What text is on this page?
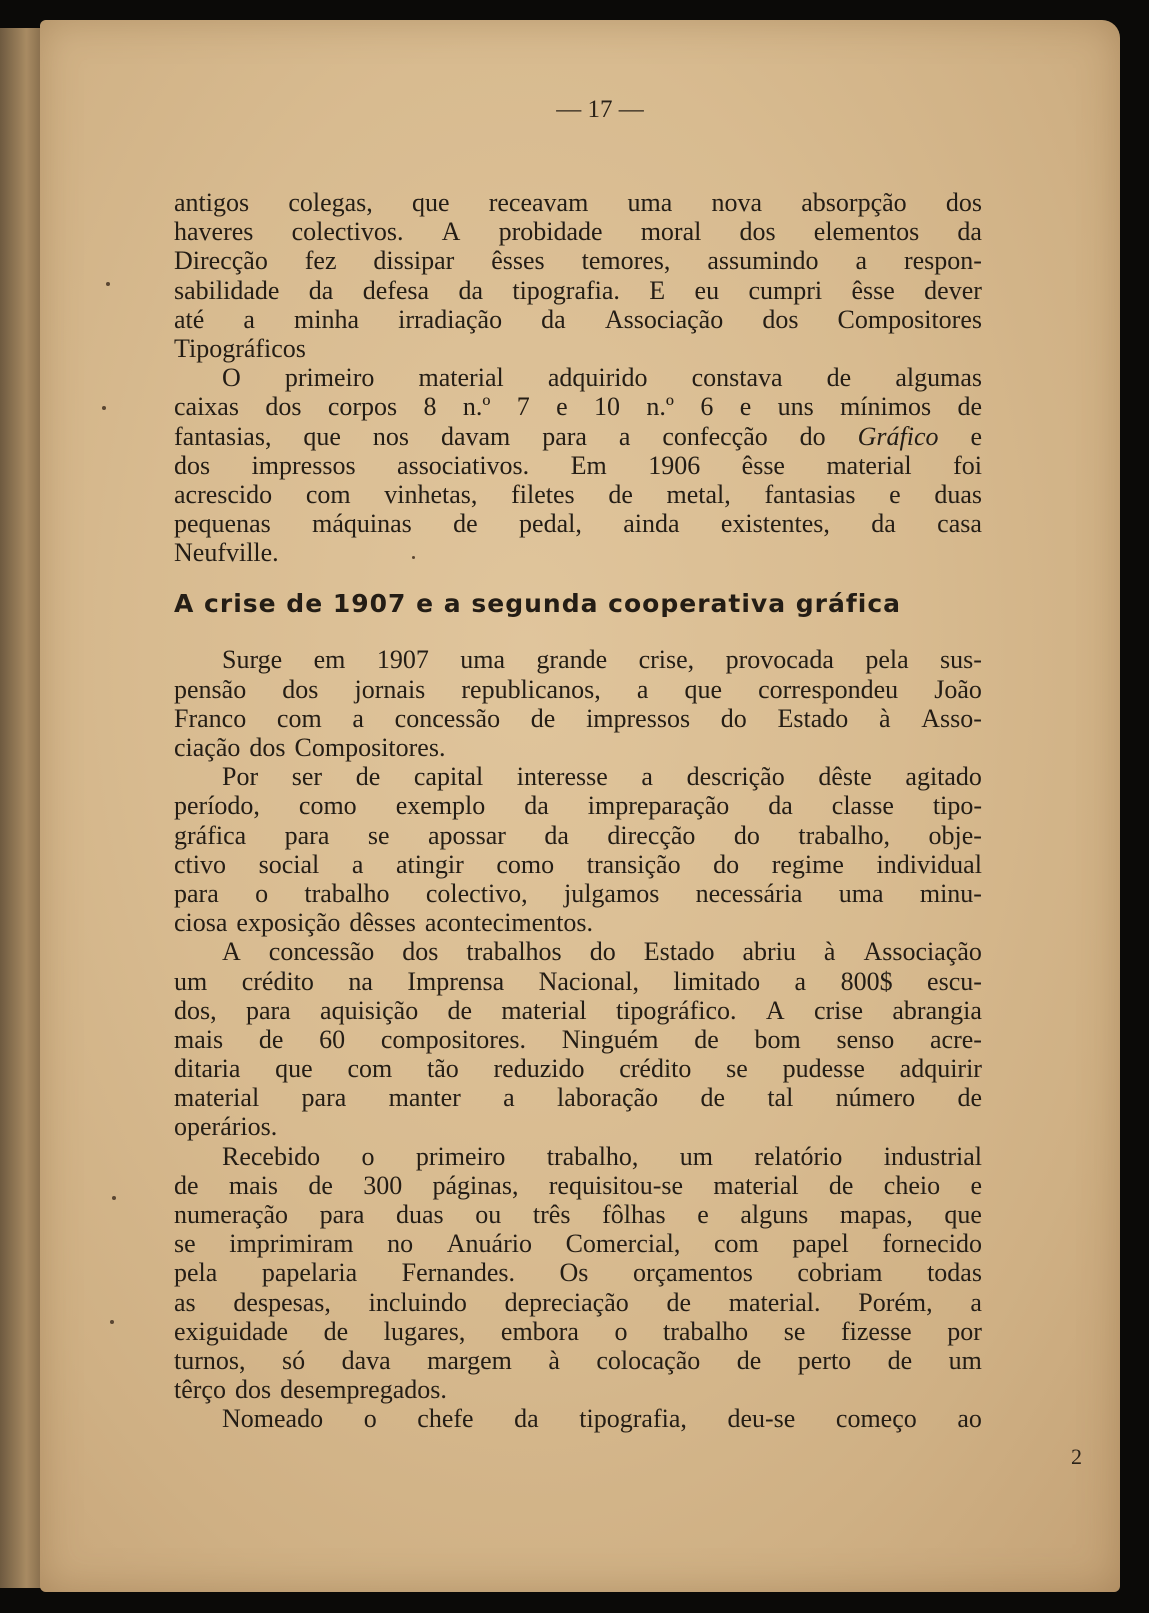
— 17 —

antigos colegas, que receavam uma nova absorpção dos
haveres colectivos. A probidade moral dos elementos da
Direcção fez dissipar êsses temores, assumindo a respon-
sabilidade da defesa da tipografia. E eu cumpri êsse dever
até a minha irradiação da Associação dos Compositores
Tipográficos
O primeiro material adquirido constava de algumas
caixas dos corpos 8 n.º 7 e 10 n.º 6 e uns mínimos de
fantasias, que nos davam para a confecção do Gráfico e
dos impressos associativos. Em 1906 êsse material foi
acrescido com vinhetas, filetes de metal, fantasias e duas
pequenas máquinas de pedal, ainda existentes, da casa
Neufville.
A crise de 1907 e a segunda cooperativa gráfica
Surge em 1907 uma grande crise, provocada pela sus-
pensão dos jornais republicanos, a que correspondeu João
Franco com a concessão de impressos do Estado à Asso-
ciação dos Compositores.
Por ser de capital interesse a descrição dêste agitado
período, como exemplo da impreparação da classe tipo-
gráfica para se apossar da direcção do trabalho, obje-
ctivo social a atingir como transição do regime individual
para o trabalho colectivo, julgamos necessária uma minu-
ciosa exposição dêsses acontecimentos.
A concessão dos trabalhos do Estado abriu à Associação
um crédito na Imprensa Nacional, limitado a 800$ escu-
dos, para aquisição de material tipográfico. A crise abrangia
mais de 60 compositores. Ninguém de bom senso acre-
ditaria que com tão reduzido crédito se pudesse adquirir
material para manter a laboração de tal número de
operários.
Recebido o primeiro trabalho, um relatório industrial
de mais de 300 páginas, requisitou-se material de cheio e
numeração para duas ou três fôlhas e alguns mapas, que
se imprimiram no Anuário Comercial, com papel fornecido
pela papelaria Fernandes. Os orçamentos cobriam todas
as despesas, incluindo depreciação de material. Porém, a
exiguidade de lugares, embora o trabalho se fizesse por
turnos, só dava margem à colocação de perto de um
têrço dos desempregados.
Nomeado o chefe da tipografia, deu-se começo ao

2
